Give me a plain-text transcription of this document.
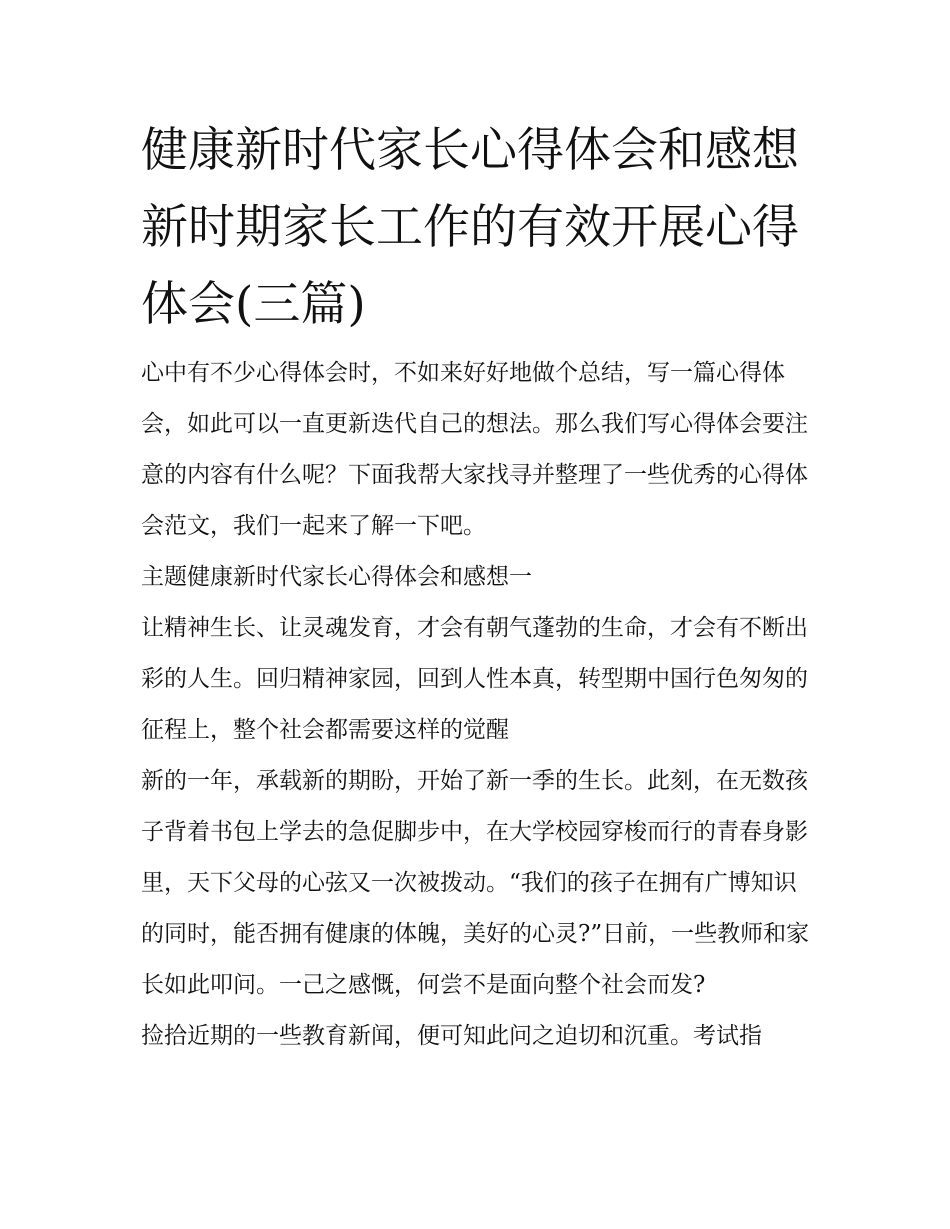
健康新时代家长心得体会和感想 新时期家长工作的有效开展心得体会(三篇)

心中有不少心得体会时，不如来好好地做个总结，写一篇心得体会，如此可以一直更新迭代自己的想法。那么我们写心得体会要注意的内容有什么呢？下面我帮大家找寻并整理了一些优秀的心得体会范文，我们一起来了解一下吧。

主题健康新时代家长心得体会和感想一

让精神生长、让灵魂发育，才会有朝气蓬勃的生命，才会有不断出彩的人生。回归精神家园，回到人性本真，转型期中国行色匆匆的征程上，整个社会都需要这样的觉醒

新的一年，承载新的期盼，开始了新一季的生长。此刻，在无数孩子背着书包上学去的急促脚步中，在大学校园穿梭而行的青春身影里，天下父母的心弦又一次被拨动。“我们的孩子在拥有广博知识的同时，能否拥有健康的体魄，美好的心灵?”日前，一些教师和家长如此叩问。一己之感慨，何尝不是面向整个社会而发?

捡拾近期的一些教育新闻，便可知此问之迫切和沉重。考试指
